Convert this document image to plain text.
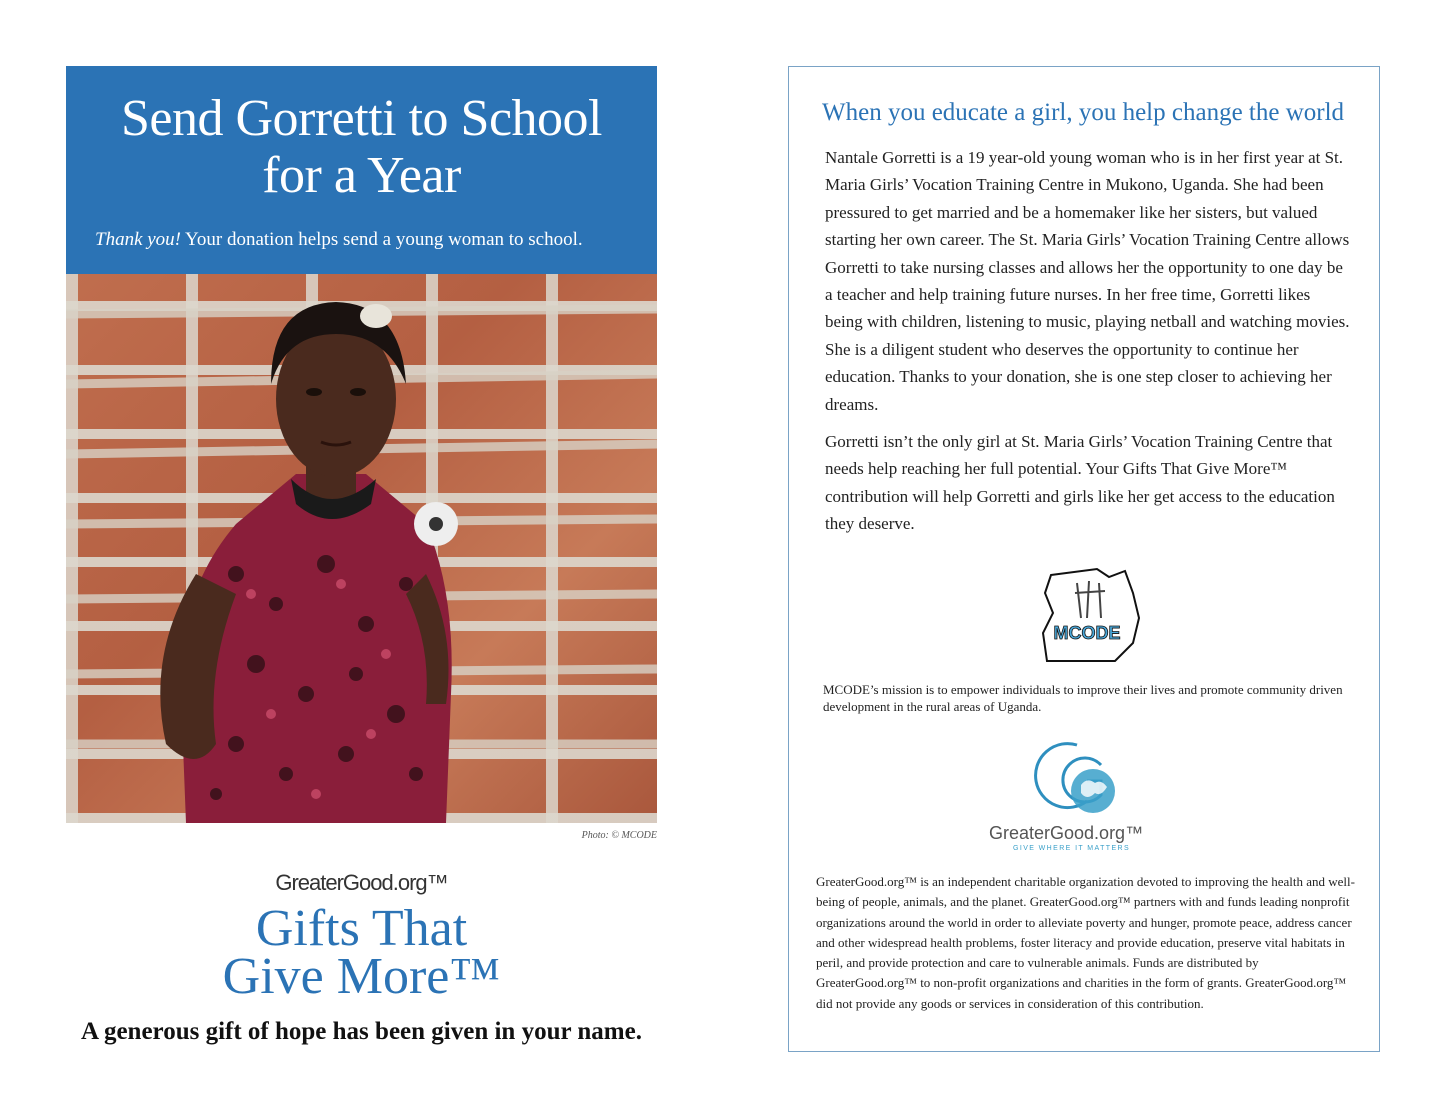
Send Gorretti to School
for a Year
Thank you! Your donation helps send a young woman to school.
Photo: © MCODE
GreaterGood.org™
Gifts That
Give More™
A generous gift of hope has been given in your name.
When you educate a girl, you help change the world

Nantale Gorretti is a 19 year-old young woman who is in her first year at St. Maria Girls’ Vocation Training Centre in Mukono, Uganda. She had been pressured to get married and be a homemaker like her sisters, but valued starting her own career. The St. Maria Girls’ Vocation Training Centre allows Gorretti to take nursing classes and allows her the opportunity to one day be a teacher and help training future nurses. In her free time, Gorretti likes being with children, listening to music, playing netball and watching movies. She is a diligent student who deserves the opportunity to continue her education. Thanks to your donation, she is one step closer to achieving her dreams.

Gorretti isn’t the only girl at St. Maria Girls’ Vocation Training Centre that needs help reaching her full potential. Your Gifts That Give More™ contribution will help Gorretti and girls like her get access to the education they deserve.

MCODE

MCODE’s mission is to empower individuals to improve their lives and promote community driven development in the rural areas of Uganda.

GreaterGood.org™
GIVE WHERE IT MATTERS

GreaterGood.org™ is an independent charitable organization devoted to improving the health and well-being of people, animals, and the planet. GreaterGood.org™ partners with and funds leading nonprofit organizations around the world in order to alleviate poverty and hunger, promote peace, address cancer and other widespread health problems, foster literacy and provide education, preserve vital habitats in peril, and provide protection and care to vulnerable animals. Funds are distributed by GreaterGood.org™ to non-profit organizations and charities in the form of grants. GreaterGood.org™ did not provide any goods or services in consideration of this contribution.
